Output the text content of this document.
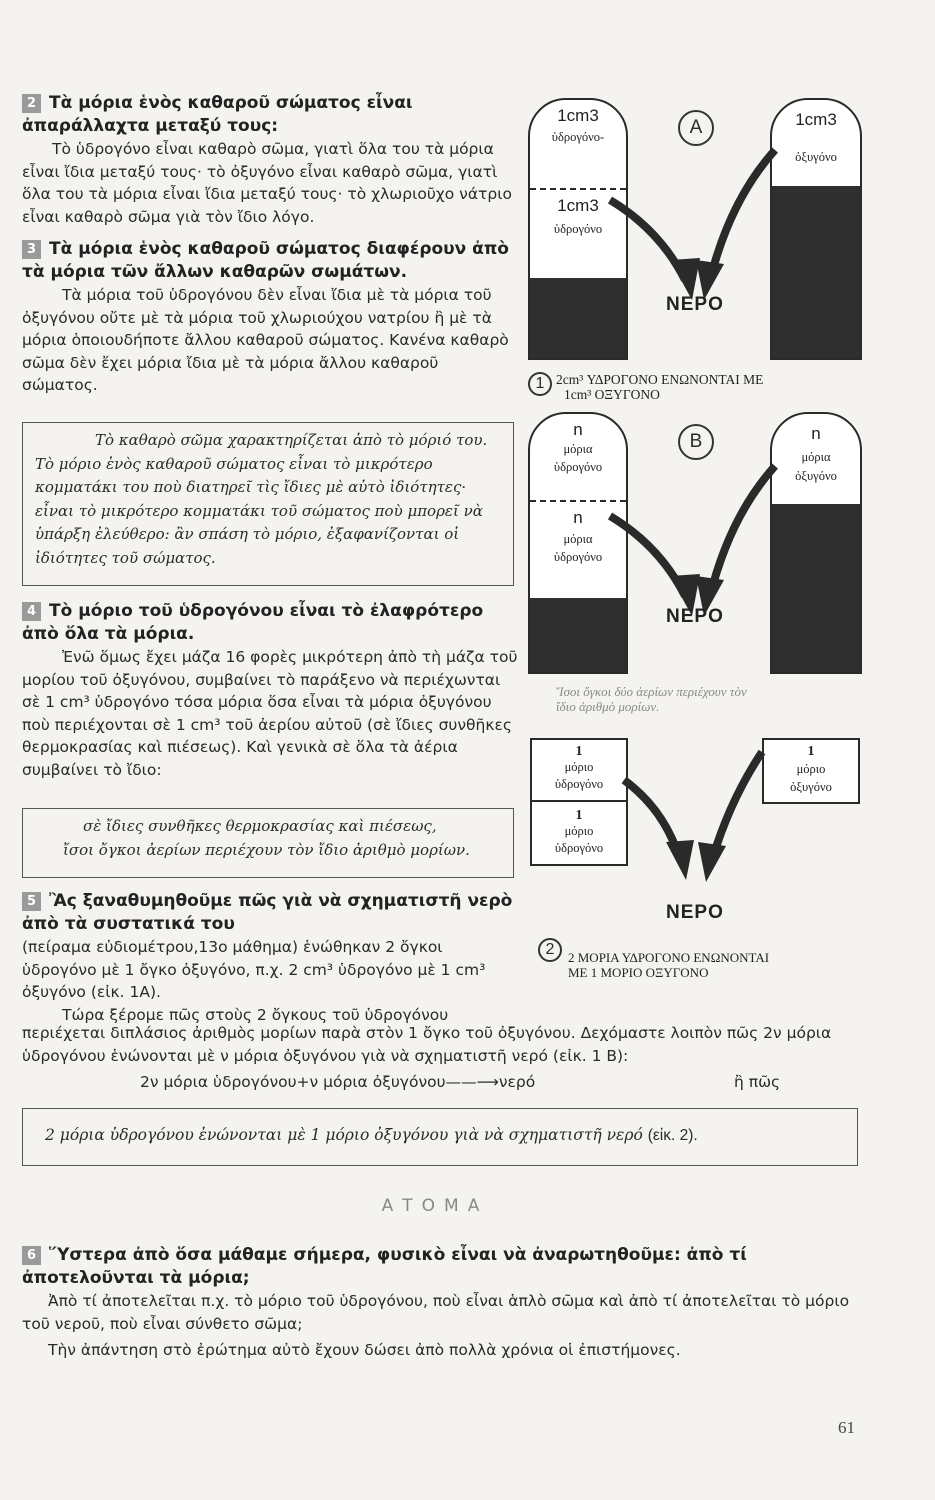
2 Τὰ μόρια ἑνὸς καθαροῦ σώματος εἶναι ἀπαράλλαχτα μεταξύ τους:
Τὸ ὑδρογόνο εἶναι καθαρὸ σῶμα, γιατὶ ὅλα του τὰ μόρια εἶναι ἴδια μεταξύ τους· τὸ ὀξυγόνο εἶναι καθαρὸ σῶμα, γιατὶ ὅλα του τὰ μόρια εἶναι ἴδια μεταξύ τους· τὸ χλωριοῦχο νάτριο εἶναι καθαρὸ σῶμα γιὰ τὸν ἴδιο λόγο.
3 Τὰ μόρια ἑνὸς καθαροῦ σώματος διαφέρουν ἀπὸ τὰ μόρια τῶν ἄλλων καθαρῶν σωμάτων.
Τὰ μόρια τοῦ ὑδρογόνου δὲν εἶναι ἴδια μὲ τὰ μόρια τοῦ ὀξυγόνου οὔτε μὲ τὰ μόρια τοῦ χλωριούχου νατρίου ἢ μὲ τὰ μόρια ὁποιουδήποτε ἄλλου καθαροῦ σώματος. Κανένα καθαρὸ σῶμα δὲν ἔχει μόρια ἴδια μὲ τὰ μόρια ἄλλου καθαροῦ σώματος.
Τὸ καθαρὸ σῶμα χαρακτηρίζεται ἀπὸ τὸ μόριό του. Τὸ μόριο ἑνὸς καθαροῦ σώματος εἶναι τὸ μικρότερο κομματάκι του ποὺ διατηρεῖ τὶς ἴδιες μὲ αὐτὸ ἰδιότητες· εἶναι τὸ μικρότερο κομματάκι τοῦ σώματος ποὺ μπορεῖ νὰ ὑπάρξη ἐλεύθερο: ἂν σπάση τὸ μόριο, ἐξαφανίζονται οἱ ἰδιότητες τοῦ σώματος.
4 Τὸ μόριο τοῦ ὑδρογόνου εἶναι τὸ ἐλαφρότερο ἀπὸ ὅλα τὰ μόρια.
Ἐνῶ ὅμως ἔχει μάζα 16 φορὲς μικρότερη ἀπὸ τὴ μάζα τοῦ μορίου τοῦ ὀξυγόνου, συμβαίνει τὸ παράξενο νὰ περιέχωνται σὲ 1 cm³ ὑδρογόνο τόσα μόρια ὅσα εἶναι τὰ μόρια ὀξυγόνου ποὺ περιέχονται σὲ 1 cm³ τοῦ ἀερίου αὐτοῦ (σὲ ἴδιες συνθῆκες θερμοκρασίας καὶ πιέσεως). Καὶ γενικὰ σὲ ὅλα τὰ ἀέρια συμβαίνει τὸ ἴδιο:
σὲ ἴδιες συνθῆκες θερμοκρασίας καὶ πιέσεως,
ἴσοι ὄγκοι ἀερίων περιέχουν τὸν ἴδιο ἀριθμὸ μορίων.
5 Ἂς ξαναθυμηθοῦμε πῶς γιὰ νὰ σχηματιστῆ νερὸ ἀπὸ τὰ συστατικά του
(πείραμα εὐδιομέτρου,13ο μάθημα) ἑνώθηκαν 2 ὄγκοι ὑδρογόνο μὲ 1 ὄγκο ὀξυγόνο, π.χ. 2 cm³ ὑδρογόνο μὲ 1 cm³ ὀξυγόνο (εἰκ. 1Α).
Τώρα ξέρομε πῶς στοὺς 2 ὄγκους τοῦ ὑδρογόνου
περιέχεται διπλάσιος ἀριθμὸς μορίων παρὰ στὸν 1 ὄγκο τοῦ ὀξυγόνου. Δεχόμαστε λοιπὸν πῶς 2ν μόρια ὑδρογόνου ἑνώνονται μὲ ν μόρια ὀξυγόνου γιὰ νὰ σχηματιστῆ νερό (εἰκ. 1 Β):
2ν μόρια ὑδρογόνου+ν μόρια ὀξυγόνου——⟶νερό	ἢ πῶς
2 μόρια ὑδρογόνου ἑνώνονται μὲ 1 μόριο ὀξυγόνου γιὰ νὰ σχηματιστῆ νερό (εἰκ. 2).
ΑΤΟΜΑ
6 Ὕστερα ἀπὸ ὅσα μάθαμε σήμερα, φυσικὸ εἶναι νὰ ἀναρωτηθοῦμε: ἀπὸ τί ἀποτελοῦνται τὰ μόρια;
Ἀπὸ τί ἀποτελεῖται π.χ. τὸ μόριο τοῦ ὑδρογόνου, ποὺ εἶναι ἁπλὸ σῶμα καὶ ἀπὸ τί ἀποτελεῖται τὸ μόριο τοῦ νεροῦ, ποὺ εἶναι σύνθετο σῶμα;
Τὴν ἀπάντηση στὸ ἐρώτημα αὐτὸ ἔχουν δώσει ἀπὸ πολλὰ χρόνια οἱ ἐπιστήμονες.
61
1cm3
ὑδρογόνο-
1cm3
ὑδρογόνο
1cm3
ὀξυγόνο
A
ΝΕΡΟ
1 2cm³ ΥΔΡΟΓΟΝΟ ΕΝΩΝΟΝΤΑΙ ΜΕ
1cm³ ΟΞΥΓΟΝΟ
n
μόρια
ὑδρογόνο
n
μόρια
ὑδρογόνο
n
μόρια
ὀξυγόνο
B
ΝΕΡΟ
Ἴσοι ὄγκοι δύο ἀερίων περιέχουν τὸν
ἴδιο ἀριθμὸ μορίων.
1
μόριο
ὑδρογόνο
1
μόριο
ὑδρογόνο
1
μόριο
ὀξυγόνο
ΝΕΡΟ
2	2 ΜΟΡΙΑ ΥΔΡΟΓΟΝΟ ΕΝΩΝΟΝΤΑΙ
ΜΕ 1 ΜΟΡΙΟ ΟΞΥΓΟΝΟ
